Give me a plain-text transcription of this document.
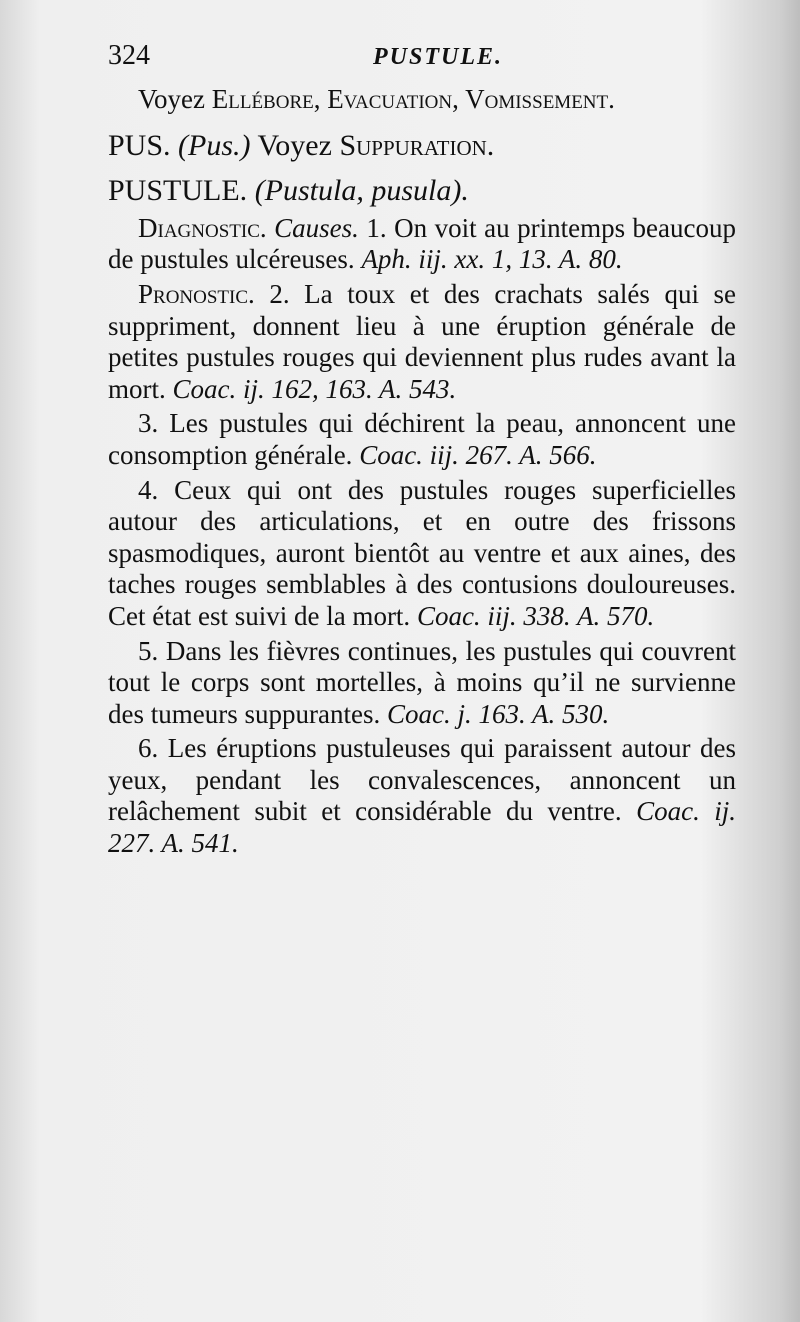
324	PUSTULE.

Voyez Ellébore, Evacuation, Vomissement.

PUS. (Pus.) Voyez Suppuration.
PUSTULE. (Pustula, pusula).

Diagnostic. Causes. 1. On voit au printemps beaucoup de pustules ulcéreuses. Aph. iij. xx. 1, 13. A. 80.

Pronostic. 2. La toux et des crachats salés qui se suppriment, donnent lieu à une éruption générale de petites pustules rouges qui deviennent plus rudes avant la mort. Coac. ij. 162, 163. A. 543.

3. Les pustules qui déchirent la peau, annoncent une consomption générale. Coac. iij. 267. A. 566.

4. Ceux qui ont des pustules rouges superficielles autour des articulations, et en outre des frissons spasmodiques, auront bientôt au ventre et aux aines, des taches rouges semblables à des contusions douloureuses. Cet état est suivi de la mort. Coac. iij. 338. A. 570.

5. Dans les fièvres continues, les pustules qui couvrent tout le corps sont mortelles, à moins qu’il ne survienne des tumeurs suppurantes. Coac. j. 163. A. 530.

6. Les éruptions pustuleuses qui paraissent autour des yeux, pendant les convalescences, annoncent un relâchement subit et considérable du ventre. Coac. ij. 227. A. 541.
